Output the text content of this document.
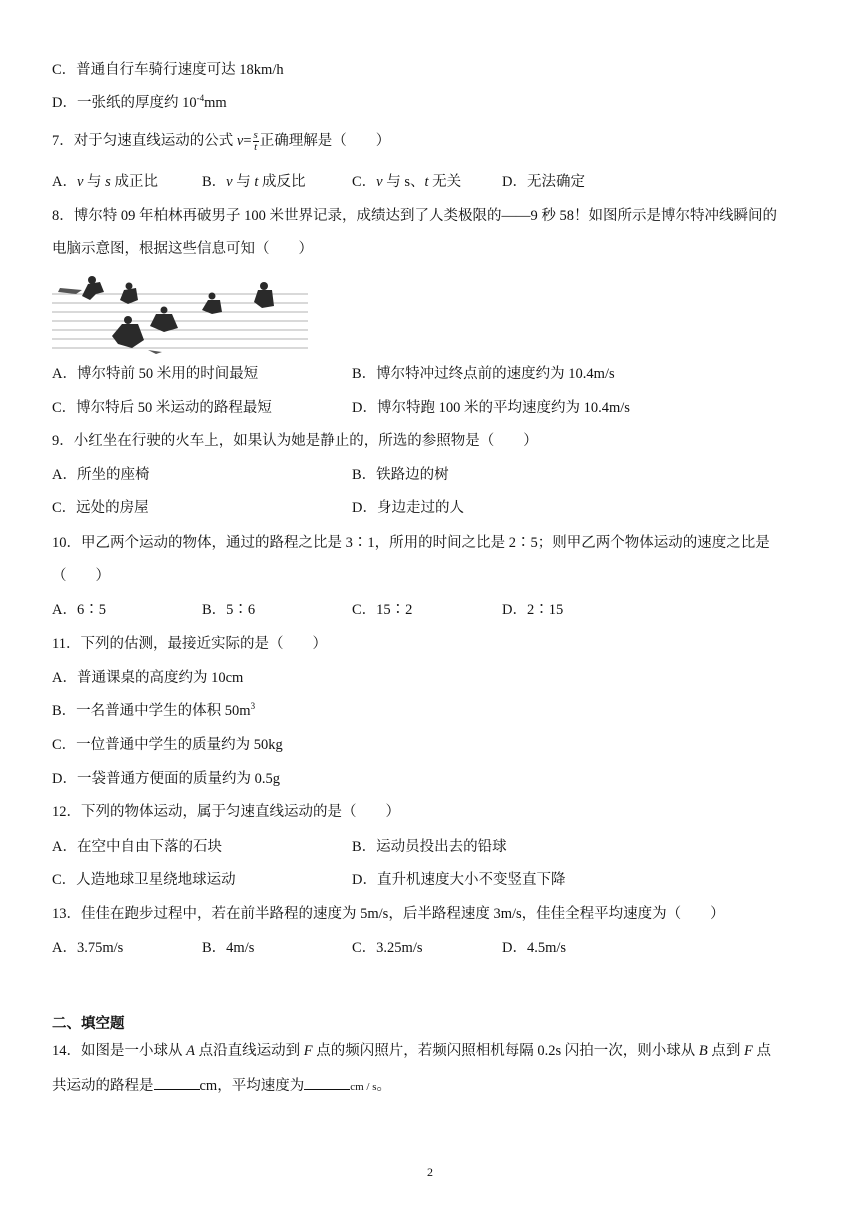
C．普通自行车骑行速度可达 18km/h
D．一张纸的厚度约 $10^{-4}mm$
7．对于匀速直线运动的公式 $v= \frac{s}{t}$ 正确理解是（　　）
A．v 与 s 成正比	B．v 与 t 成反比	C．v 与 s、t 无关	D．无法确定
8．博尔特 09 年柏林再破男子 100 米世界记录，成绩达到了人类极限的——9 秒 58！如图所示是博尔特冲线瞬间的
电脑示意图，根据这些信息可知（　　）
A．博尔特前 50 米用的时间最短	B．博尔特冲过终点前的速度约为 10.4m/s
C．博尔特后 50 米运动的路程最短	D．博尔特跑 100 米的平均速度约为 10.4m/s
9．小红坐在行驶的火车上，如果认为她是静止的，所选的参照物是（　　）
A．所坐的座椅	B．铁路边的树
C．远处的房屋	D．身边走过的人
10．甲乙两个运动的物体，通过的路程之比是 3∶1，所用的时间之比是 2∶5；则甲乙两个物体运动的速度之比是
（　　）
A．6∶5	B．5∶6	C．15∶2	D．2∶15
11．下列的估测，最接近实际的是（　　）
A．普通课桌的高度约为 10cm
B．一名普通中学生的体积 $50m^3$
C．一位普通中学生的质量约为 50kg
D．一袋普通方便面的质量约为 0.5g
12．下列的物体运动，属于匀速直线运动的是（　　）
A．在空中自由下落的石块	B．运动员投出去的铅球
C．人造地球卫星绕地球运动	D．直升机速度大小不变竖直下降
13．佳佳在跑步过程中，若在前半路程的速度为 5m/s，后半路程速度 3m/s，佳佳全程平均速度为（　　）
A．3.75m/s	B．4m/s	C．3.25m/s	D．4.5m/s
二、填空题
14．如图是一小球从 A 点沿直线运动到 F 点的频闪照片，若频闪照相机每隔 0.2s 闪拍一次，则小球从 B 点到 F 点
共运动的路程是	cm，平均速度为	cm / s。
2
